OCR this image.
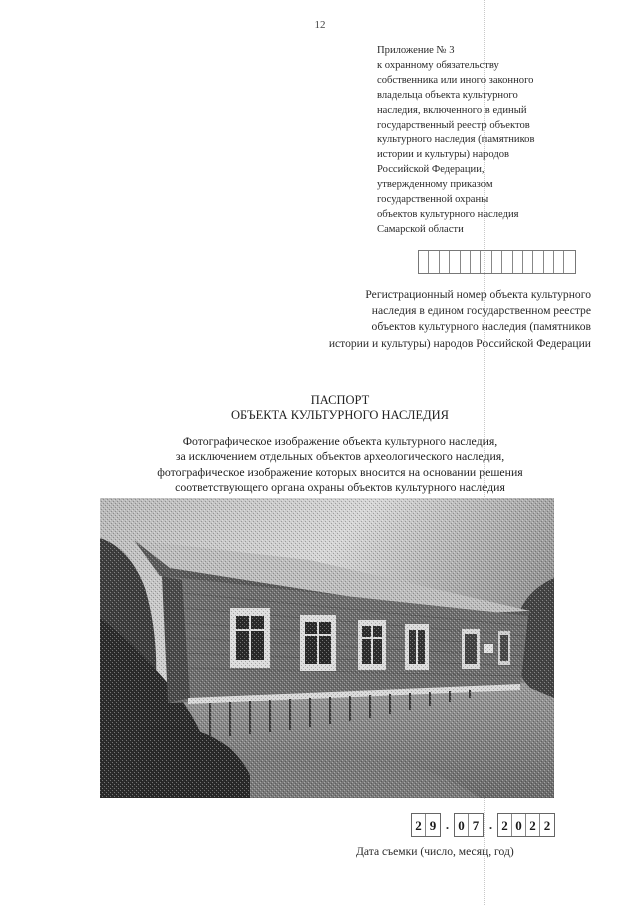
12
Приложение № 3
к охранному обязательству
собственника или иного законного
владельца объекта культурного
наследия, включенного в единый
государственный реестр объектов
культурного наследия (памятников
истории и культуры) народов
Российской Федерации,
утвержденному приказом
государственной охраны
объектов культурного наследия
Самарской области
Регистрационный номер объекта культурного
наследия в едином государственном реестре
объектов культурного наследия (памятников
истории и культуры) народов Российской Федерации
ПАСПОРТ
ОБЪЕКТА КУЛЬТУРНОГО НАСЛЕДИЯ
Фотографическое изображение объекта культурного наследия,
за исключением отдельных объектов археологического наследия,
фотографическое изображение которых вносится на основании решения
соответствующего органа охраны объектов культурного наследия
2 9 . 0 7 . 2 0 2 2
Дата съемки (число, месяц, год)
